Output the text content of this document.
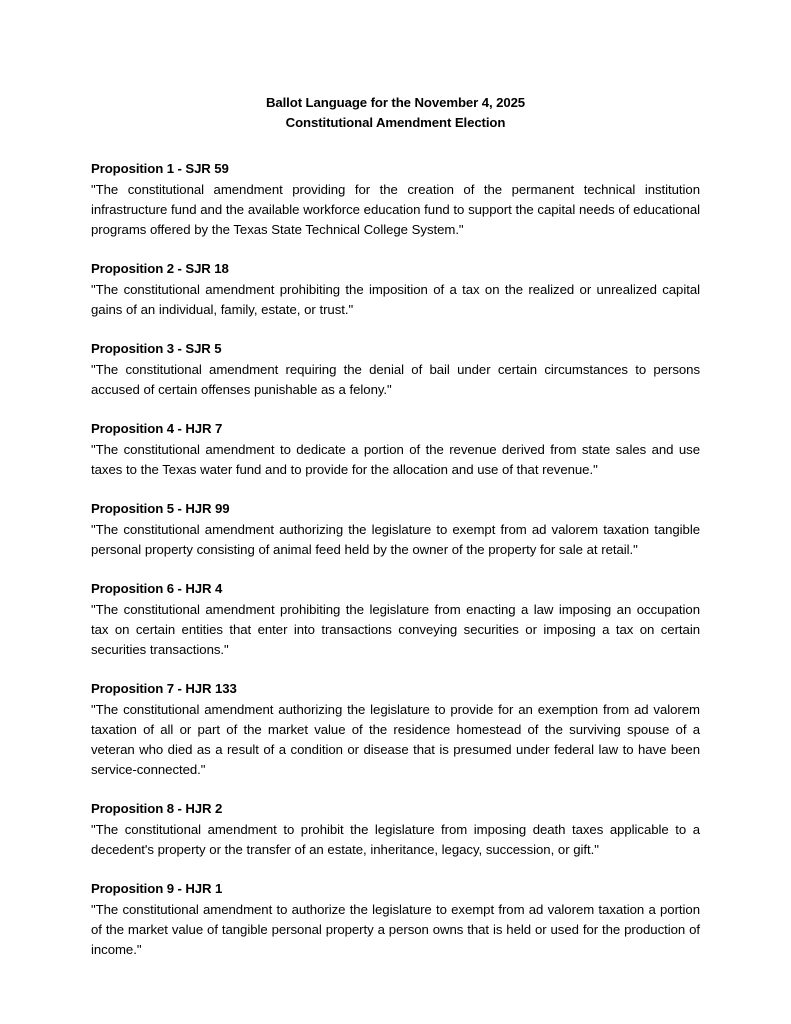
Ballot Language for the November 4, 2025
Constitutional Amendment Election
Proposition 1 - SJR 59

"The constitutional amendment providing for the creation of the permanent technical institution infrastructure fund and the available workforce education fund to support the capital needs of educational programs offered by the Texas State Technical College System."

Proposition 2 - SJR 18

"The constitutional amendment prohibiting the imposition of a tax on the realized or unrealized capital gains of an individual, family, estate, or trust."

Proposition 3 - SJR 5

"The constitutional amendment requiring the denial of bail under certain circumstances to persons accused of certain offenses punishable as a felony."

Proposition 4 - HJR 7

"The constitutional amendment to dedicate a portion of the revenue derived from state sales and use taxes to the Texas water fund and to provide for the allocation and use of that revenue."

Proposition 5 - HJR 99

"The constitutional amendment authorizing the legislature to exempt from ad valorem taxation tangible personal property consisting of animal feed held by the owner of the property for sale at retail."

Proposition 6 - HJR 4

"The constitutional amendment prohibiting the legislature from enacting a law imposing an occupation tax on certain entities that enter into transactions conveying securities or imposing a tax on certain securities transactions."

Proposition 7 - HJR 133

"The constitutional amendment authorizing the legislature to provide for an exemption from ad valorem taxation of all or part of the market value of the residence homestead of the surviving spouse of a veteran who died as a result of a condition or disease that is presumed under federal law to have been service-connected."

Proposition 8 - HJR 2

"The constitutional amendment to prohibit the legislature from imposing death taxes applicable to a decedent's property or the transfer of an estate, inheritance, legacy, succession, or gift."

Proposition 9 - HJR 1

"The constitutional amendment to authorize the legislature to exempt from ad valorem taxation a portion of the market value of tangible personal property a person owns that is held or used for the production of income."
